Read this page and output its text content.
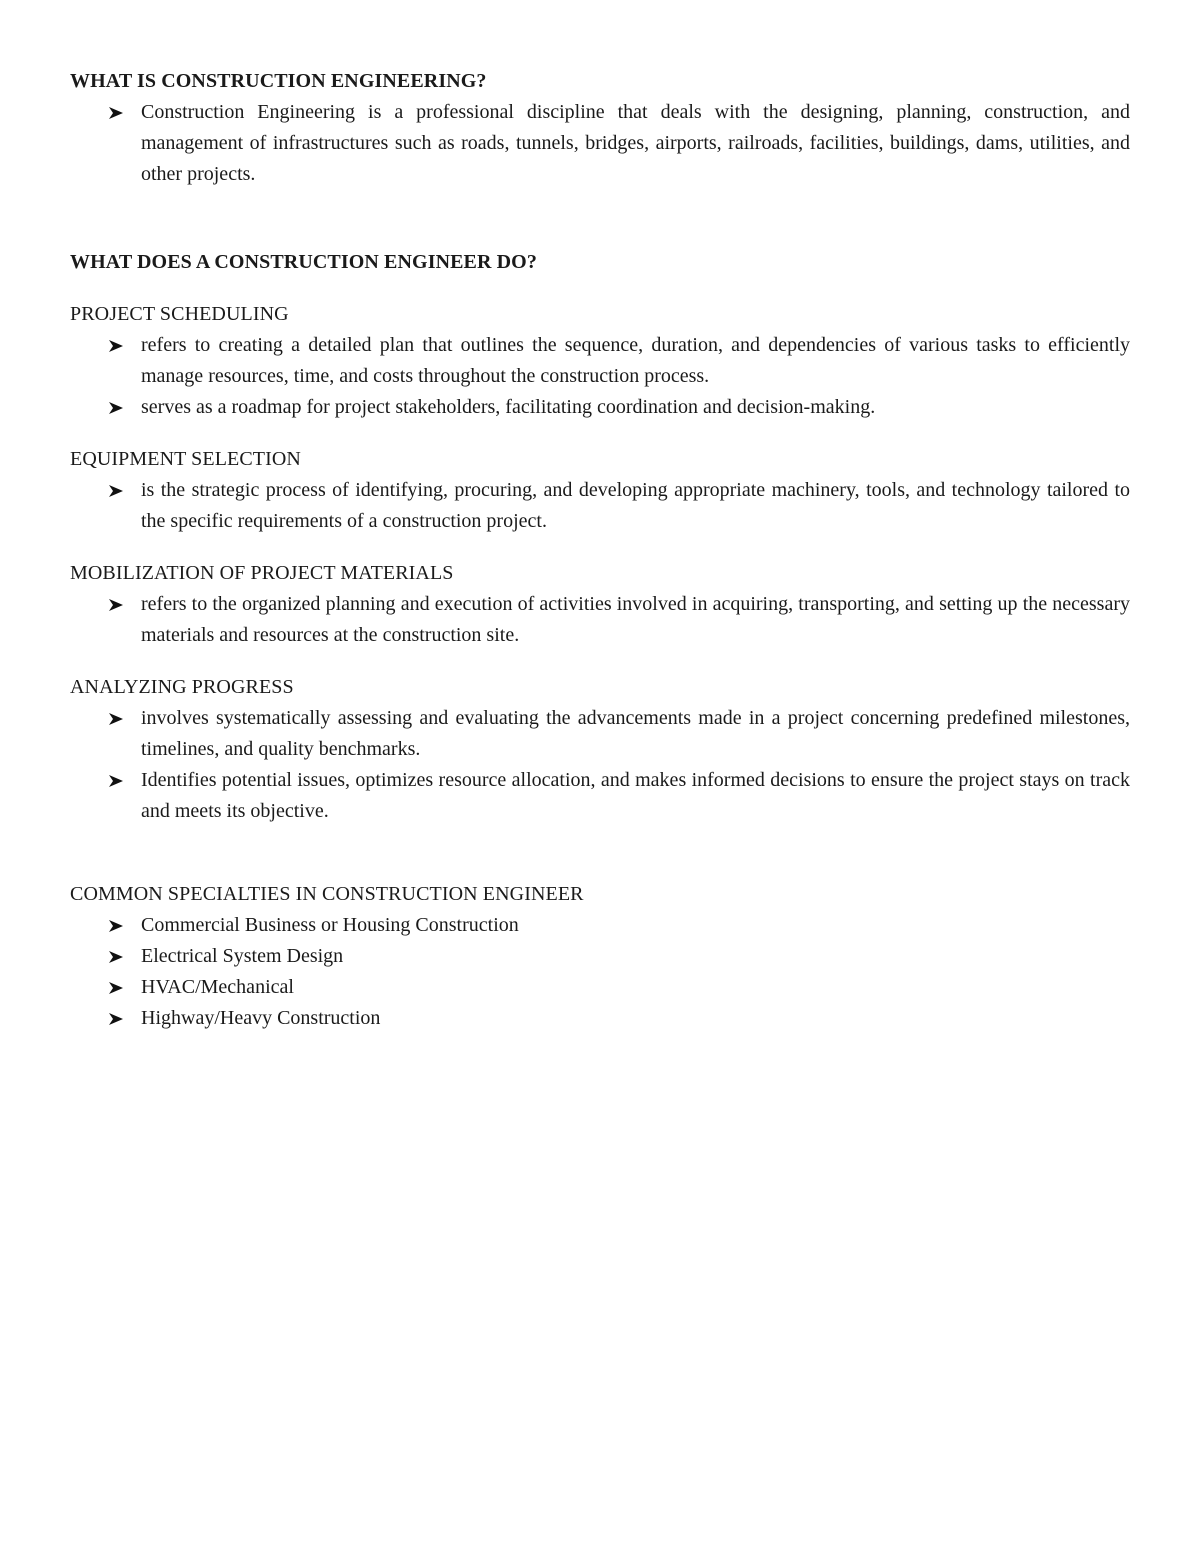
WHAT IS CONSTRUCTION ENGINEERING?

Construction Engineering is a professional discipline that deals with the designing, planning, construction, and management of infrastructures such as roads, tunnels, bridges, airports, railroads, facilities, buildings, dams, utilities, and other projects.

WHAT DOES A CONSTRUCTION ENGINEER DO?

PROJECT SCHEDULING

refers to creating a detailed plan that outlines the sequence, duration, and dependencies of various tasks to efficiently manage resources, time, and costs throughout the construction process.
serves as a roadmap for project stakeholders, facilitating coordination and decision-making.

EQUIPMENT SELECTION

is the strategic process of identifying, procuring, and developing appropriate machinery, tools, and technology tailored to the specific requirements of a construction project.

MOBILIZATION OF PROJECT MATERIALS

refers to the organized planning and execution of activities involved in acquiring, transporting, and setting up the necessary materials and resources at the construction site.

ANALYZING PROGRESS

involves systematically assessing and evaluating the advancements made in a project concerning predefined milestones, timelines, and quality benchmarks.
Identifies potential issues, optimizes resource allocation, and makes informed decisions to ensure the project stays on track and meets its objective.

COMMON SPECIALTIES IN CONSTRUCTION ENGINEER

Commercial Business or Housing Construction
Electrical System Design
HVAC/Mechanical
Highway/Heavy Construction
